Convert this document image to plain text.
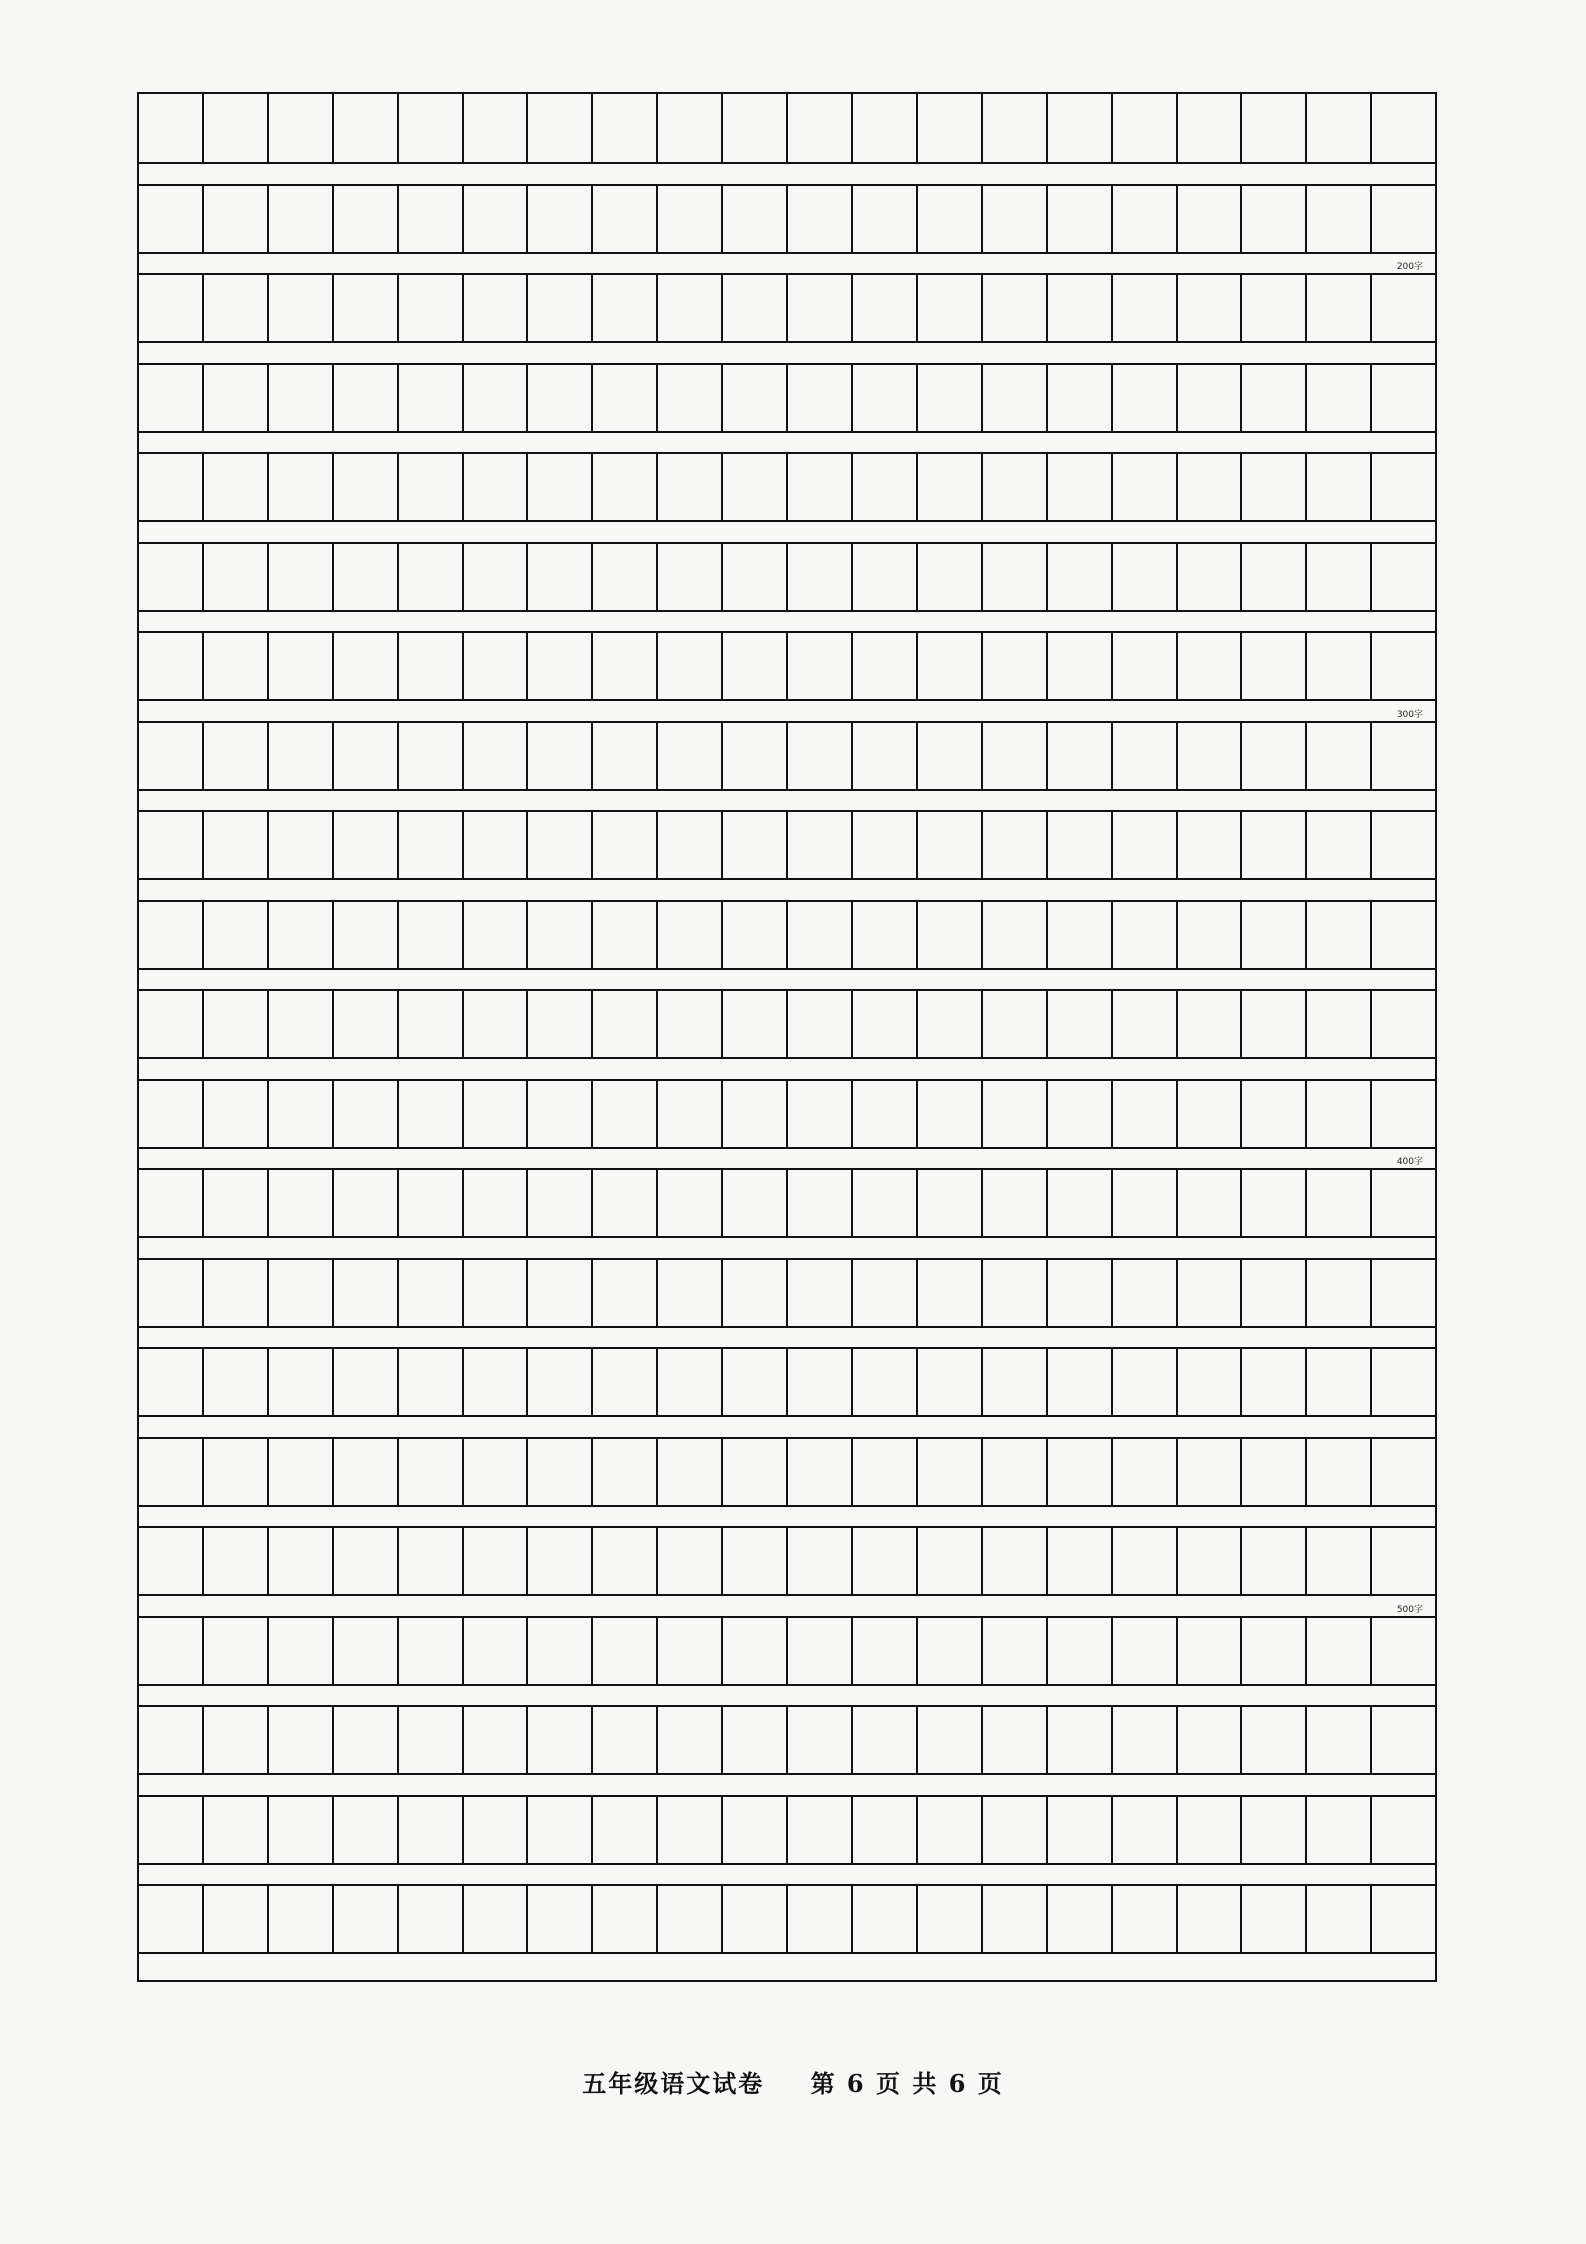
200字
300字
400字
500字
五年级语文试卷 第 6 页 共 6 页
